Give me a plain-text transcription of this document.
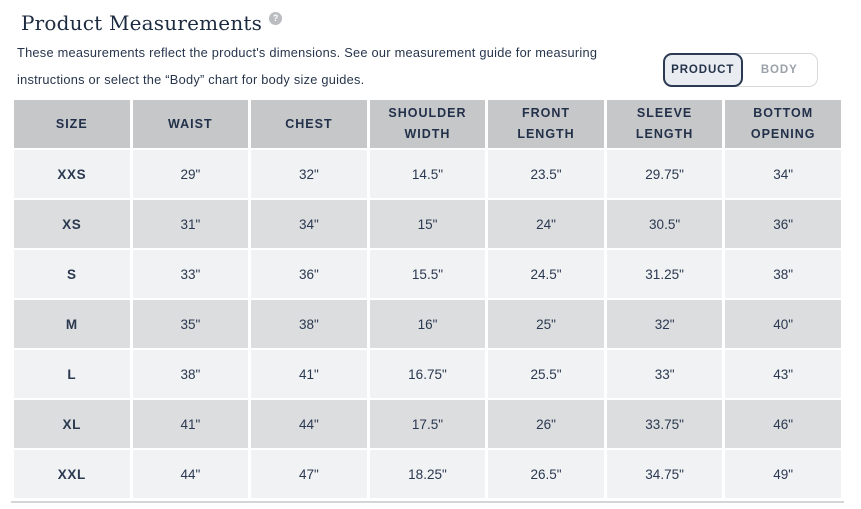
Product Measurements	?

These measurements reflect the product's dimensions. See our measurement guide for measuring instructions or select the “Body” chart for body size guides.

PRODUCT	BODY
SIZE	WAIST	CHEST	SHOULDER WIDTH	FRONT LENGTH	SLEEVE LENGTH	BOTTOM OPENING
XXS	29"	32"	14.5"	23.5"	29.75"	34"
XS	31"	34"	15"	24"	30.5"	36"
S	33"	36"	15.5"	24.5"	31.25"	38"
M	35"	38"	16"	25"	32"	40"
L	38"	41"	16.75"	25.5"	33"	43"
XL	41"	44"	17.5"	26"	33.75"	46"
XXL	44"	47"	18.25"	26.5"	34.75"	49"
